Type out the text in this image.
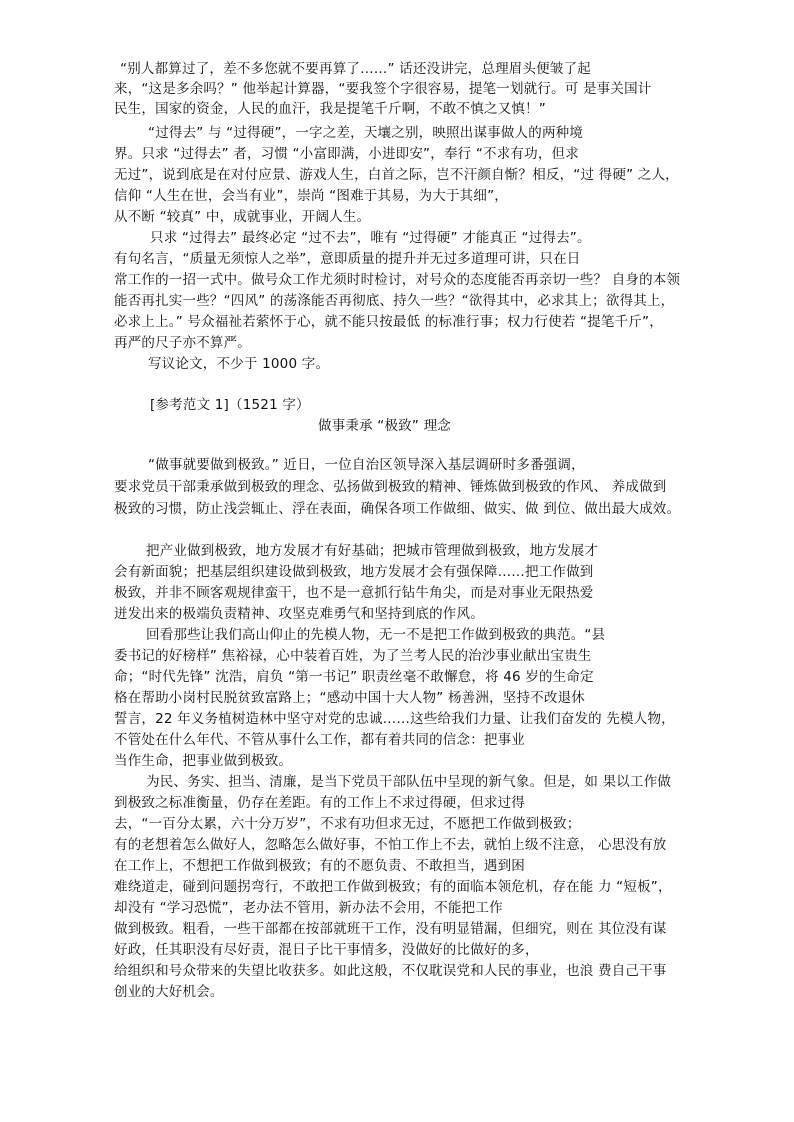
“别人都算过了，差不多您就不要再算了……” 话还没讲完，总理眉头便皱了起
来，“这是多余吗？” 他举起计算器，“要我签个字很容易，提笔一划就行。可 是事关国计
民生，国家的资金，人民的血汗，我是提笔千斤啊，不敢不慎之又慎！”
“过得去” 与 “过得硬”，一字之差，天壤之别，映照出谋事做人的两种境
界。只求 “过得去” 者，习惯 “小富即满，小进即安”，奉行 “不求有功，但求
无过”，说到底是在对付应景、游戏人生，白首之际，岂不汗颜自惭？相反，“过 得硬” 之人，
信仰 “人生在世，会当有业”，崇尚 “图难于其易，为大于其细”，
从不断 “较真” 中，成就事业，开阔人生。
只求 “过得去” 最终必定 “过不去”，唯有 “过得硬” 才能真正 “过得去”。
有句名言，“质量无须惊人之举”，意即质量的提升并无过多道理可讲，只在日
常工作的一招一式中。做号众工作尤须时时检讨，对号众的态度能否再亲切一些？ 自身的本领
能否再扎实一些？“四风” 的荡涤能否再彻底、持久一些？“欲得其中，必求其上；欲得其上，
必求上上。” 号众福祉若萦怀于心，就不能只按最低 的标准行事；权力行使若 “提笔千斤”，
再严的尺子亦不算严。
写议论文，不少于 1000 字。
[参考范文 1]（1521 字）
做事秉承 “极致” 理念
“做事就要做到极致。” 近日，一位自治区领导深入基层调研时多番强调，
要求党员干部秉承做到极致的理念、弘扬做到极致的精神、锤炼做到极致的作风、 养成做到
极致的习惯，防止浅尝辄止、浮在表面，确保各项工作做细、做实、做 到位、做出最大成效。
把产业做到极致，地方发展才有好基础；把城市管理做到极致，地方发展才
会有新面貌；把基层组织建设做到极致，地方发展才会有强保障……把工作做到
极致，并非不顾客观规律蛮干，也不是一意抓行钻牛角尖，而是对事业无限热爱
迸发出来的极端负责精神、攻坚克难勇气和坚持到底的作风。
回看那些让我们高山仰止的先模人物，无一不是把工作做到极致的典范。“县
委书记的好榜样” 焦裕禄，心中装着百姓，为了兰考人民的治沙事业献出宝贵生
命；“时代先锋” 沈浩，肩负 “第一书记” 职责丝毫不敢懈怠，将 46 岁的生命定
格在帮助小岗村民脱贫致富路上；“感动中国十大人物” 杨善洲，坚持不改退休
誓言，22 年义务植树造林中坚守对党的忠诚……这些给我们力量、让我们奋发的 先模人物，
不管处在什么年代、不管从事什么工作，都有着共同的信念：把事业
当作生命，把事业做到极致。
为民、务实、担当、清廉，是当下党员干部队伍中呈现的新气象。但是，如 果以工作做
到极致之标准衡量，仍存在差距。有的工作上不求过得硬，但求过得
去，“一百分太累，六十分万岁”，不求有功但求无过，不愿把工作做到极致；
有的老想着怎么做好人，忽略怎么做好事，不怕工作上不去，就怕上级不注意， 心思没有放
在工作上，不想把工作做到极致；有的不愿负责、不敢担当，遇到困
难绕道走，碰到问题拐弯行，不敢把工作做到极致；有的面临本领危机，存在能 力 “短板”，
却没有 “学习恐慌”，老办法不管用，新办法不会用，不能把工作
做到极致。粗看，一些干部都在按部就班干工作，没有明显错漏，但细究，则在 其位没有谋
好政，任其职没有尽好责，混日子比干事情多，没做好的比做好的多，
给组织和号众带来的失望比收获多。如此这般，不仅耽误党和人民的事业，也浪 费自己干事
创业的大好机会。
